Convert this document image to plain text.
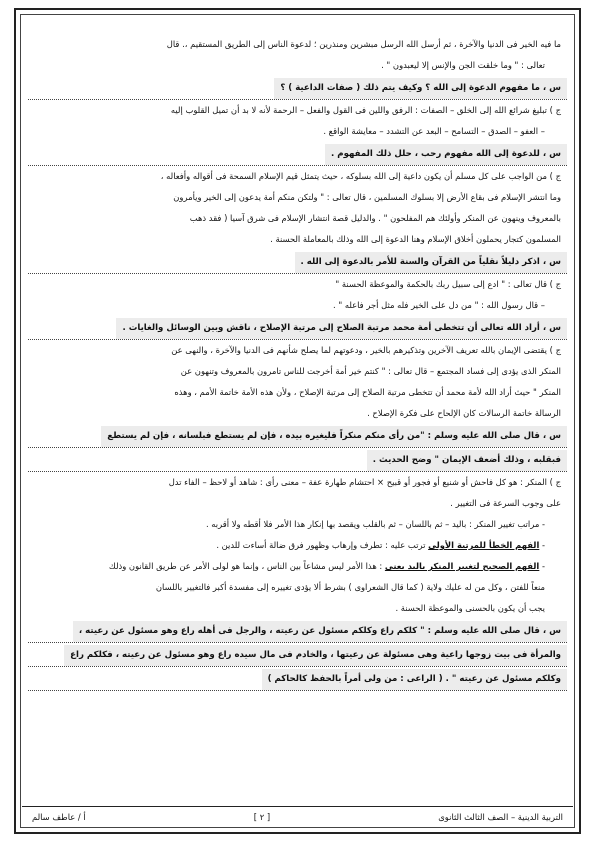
ما فيه الخير فى الدنيا والآخرة ، ثم أرسل الله الرسل مبشرين ومنذرين ؛ لدعوة الناس إلى الطريق المستقيم ،. قال

تعالى : " وما خلقت الجن والإنس إلا ليعبدون " .

س ، ما مفهوم الدعوة إلى الله ؟ وكيف يتم ذلك ( صفات الداعية ) ؟

ج ) تبليغ شرائع الله إلى الخلق – الصفات : الرفق واللين فى القول والفعل – الرحمة لأنه لا بد أن تميل القلوب إليه

– العفو – الصدق – التسامح – البعد عن التشدد – معايشة الواقع .

س ، للدعوة إلى الله مفهوم رحب ، حلل ذلك المفهوم .

ج ) من الواجب على كل مسلم أن يكون داعية إلى الله بسلوكه ، حيث يتمثل قيم الإسلام السمحة فى أقواله وأفعاله ،

وما انتشر الإسلام فى بقاع الأرض إلا بسلوك المسلمين ، قال تعالى : " ولتكن منكم أمة يدعون إلى الخير ويأمرون

بالمعروف وينهون عن المنكر وأولئك هم المفلحون " . والدليل قصة انتشار الإسلام فى شرق آسيا ( فقد ذهب

المسلمون كتجار يحملون أخلاق الإسلام وهنا الدعوة إلى الله وذلك بالمعاملة الحسنة .

س ، اذكر دليلاً نقلياً من القرآن والسنة للأمر بالدعوة إلى الله .

ج ) قال تعالى : " ادع إلى سبيل ربك بالحكمة والموعظة الحسنة "

– قال رسول الله : " من دل على الخير فله مثل أجر فاعله " .

س ، أراد الله تعالى أن تتخطى أمة محمد مرتبة الصلاح إلى مرتبة الإصلاح ، ناقش وبين الوسائل والغايات .

ج ) يقتضى الإيمان بالله تعريف الآخرين وتذكيرهم بالخير ، ودعوتهم لما يصلح شأنهم فى الدنيا والآخرة ، والنهى عن

المنكر الذى يؤدى إلى فساد المجتمع – قال تعالى : " كنتم خير أمة أخرجت للناس تامرون بالمعروف وتنهون عن

المنكر " حيث أراد الله لأمة محمد أن تتخطى مرتبة الصلاح إلى مرتبة الإصلاح ، ولأن هذه الأمة خاتمة الأمم ، وهذه

الرسالة خاتمة الرسالات كان الإلحاح على فكرة الإصلاح .

س ، قال صلى الله عليه وسلم : "من رأى منكم منكراً فليغيره بيده ، فإن لم يستطع فبلسانه ، فإن لم يستطع

فبقلبه ، وذلك أضعف الإيمان " وضح الحديث .

ج ) المنكر : هو كل فاحش أو شنيع أو فجور أو قبيح × احتشام طهارة عفة – معنى رأى : شاهد أو لاحظ – الفاء تدل

على وجوب السرعة فى التغيير .

- مراتب تغيير المنكر : باليد – ثم باللسان – ثم بالقلب ويقصد بها إنكار هذا الأمر فلا أقطه ولا أقربه .

- الفهم الخطأ للمرتبة الأولى ترتب عليه : تطرف وإرهاب وظهور فرق ضالة أساءت للدين .

- الفهم الصحيح لتغيير المنكر باليد يعنى : هذا الأمر ليس مشاعاً بين الناس ، وإنما هو لولى الأمر عن طريق القانون وذلك

منعاً للفتن ، وكل من له عليك ولاية ( كما قال الشعراوى ) بشرط ألا يؤدى تغييره إلى مفسدة أكبر فالتغيير باللسان

يجب أن يكون بالحسنى والموعظة الحسنة .

س ، قال صلى الله عليه وسلم : " كلكم راع وكلكم مسئول عن رعيته ، والرجل فى أهله راع وهو مسئول عن رعيته ،

والمرأة فى بيت زوجها راعية وهى مسئولة عن رعيتها ، والخادم فى مال سيده راع وهو مسئول عن رعيته ، فكلكم راع

وكلكم مسئول عن رعيته " . ( الراعى : من ولى أمراً بالحفظ كالحاكم )

التربية الدينية – الصف الثالث الثانوى
[ ٢ ]
أ / عاطف سالم
